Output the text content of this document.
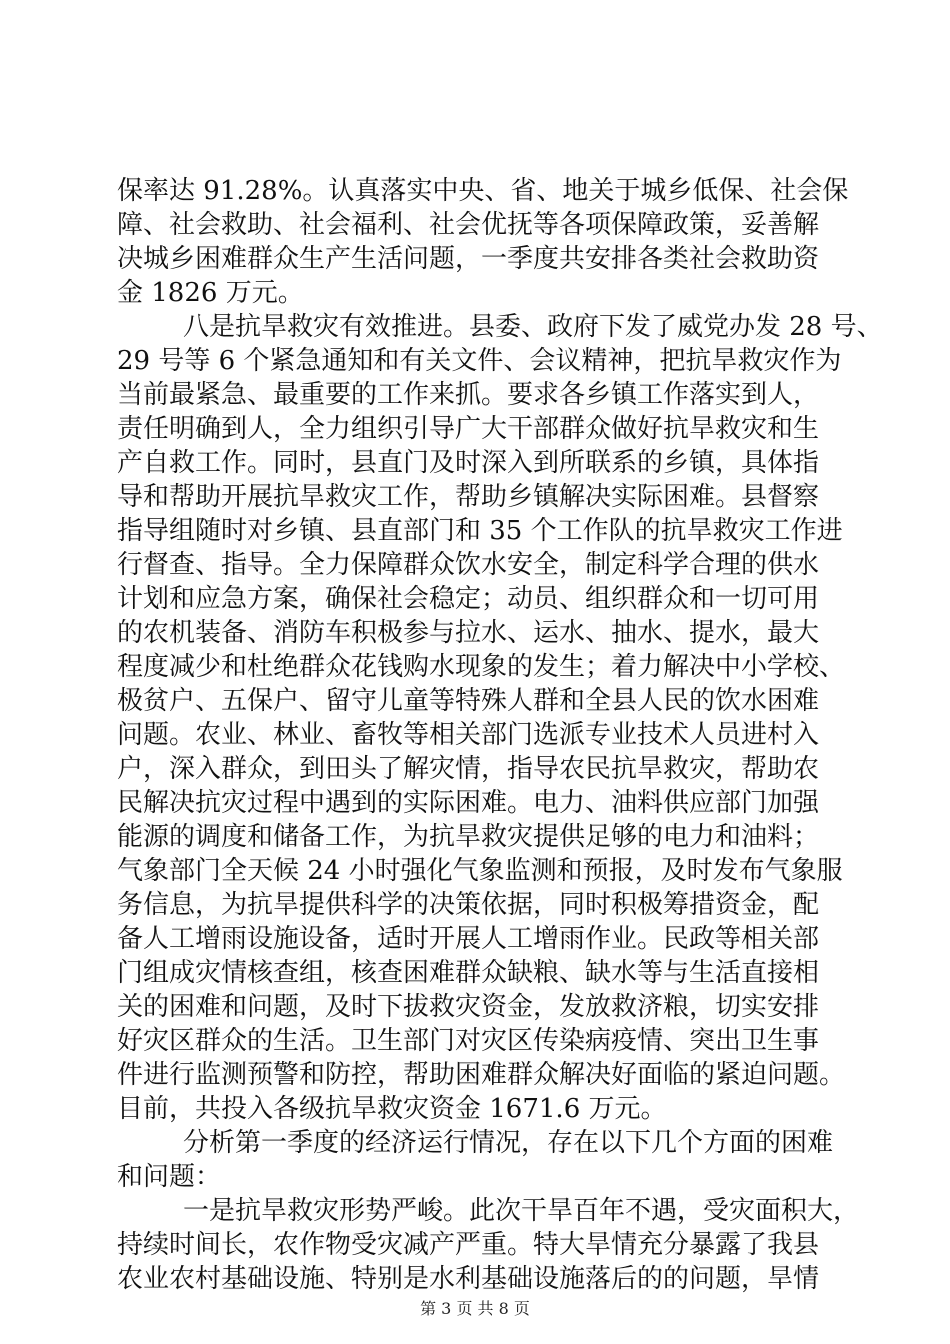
保率达 91.28%。认真落实中央、省、地关于城乡低保、社会保
障、社会救助、社会福利、社会优抚等各项保障政策，妥善解
决城乡困难群众生产生活问题，一季度共安排各类社会救助资
金 1826 万元。
八是抗旱救灾有效推进。县委、政府下发了威党办发 28 号、
29 号等 6 个紧急通知和有关文件、会议精神，把抗旱救灾作为
当前最紧急、最重要的工作来抓。要求各乡镇工作落实到人，
责任明确到人，全力组织引导广大干部群众做好抗旱救灾和生
产自救工作。同时，县直门及时深入到所联系的乡镇，具体指
导和帮助开展抗旱救灾工作，帮助乡镇解决实际困难。县督察
指导组随时对乡镇、县直部门和 35 个工作队的抗旱救灾工作进
行督查、指导。全力保障群众饮水安全，制定科学合理的供水
计划和应急方案，确保社会稳定；动员、组织群众和一切可用
的农机装备、消防车积极参与拉水、运水、抽水、提水，最大
程度减少和杜绝群众花钱购水现象的发生；着力解决中小学校、
极贫户、五保户、留守儿童等特殊人群和全县人民的饮水困难
问题。农业、林业、畜牧等相关部门选派专业技术人员进村入
户，深入群众，到田头了解灾情，指导农民抗旱救灾，帮助农
民解决抗灾过程中遇到的实际困难。电力、油料供应部门加强
能源的调度和储备工作，为抗旱救灾提供足够的电力和油料；
气象部门全天候 24 小时强化气象监测和预报，及时发布气象服
务信息，为抗旱提供科学的决策依据，同时积极筹措资金，配
备人工增雨设施设备，适时开展人工增雨作业。民政等相关部
门组成灾情核查组，核查困难群众缺粮、缺水等与生活直接相
关的困难和问题，及时下拔救灾资金，发放救济粮，切实安排
好灾区群众的生活。卫生部门对灾区传染病疫情、突出卫生事
件进行监测预警和防控，帮助困难群众解决好面临的紧迫问题。
目前，共投入各级抗旱救灾资金 1671.6 万元。
分析第一季度的经济运行情况，存在以下几个方面的困难
和问题：
一是抗旱救灾形势严峻。此次干旱百年不遇，受灾面积大，
持续时间长，农作物受灾减产严重。特大旱情充分暴露了我县
农业农村基础设施、特别是水利基础设施落后的的问题，旱情
第 3 页 共 8 页
